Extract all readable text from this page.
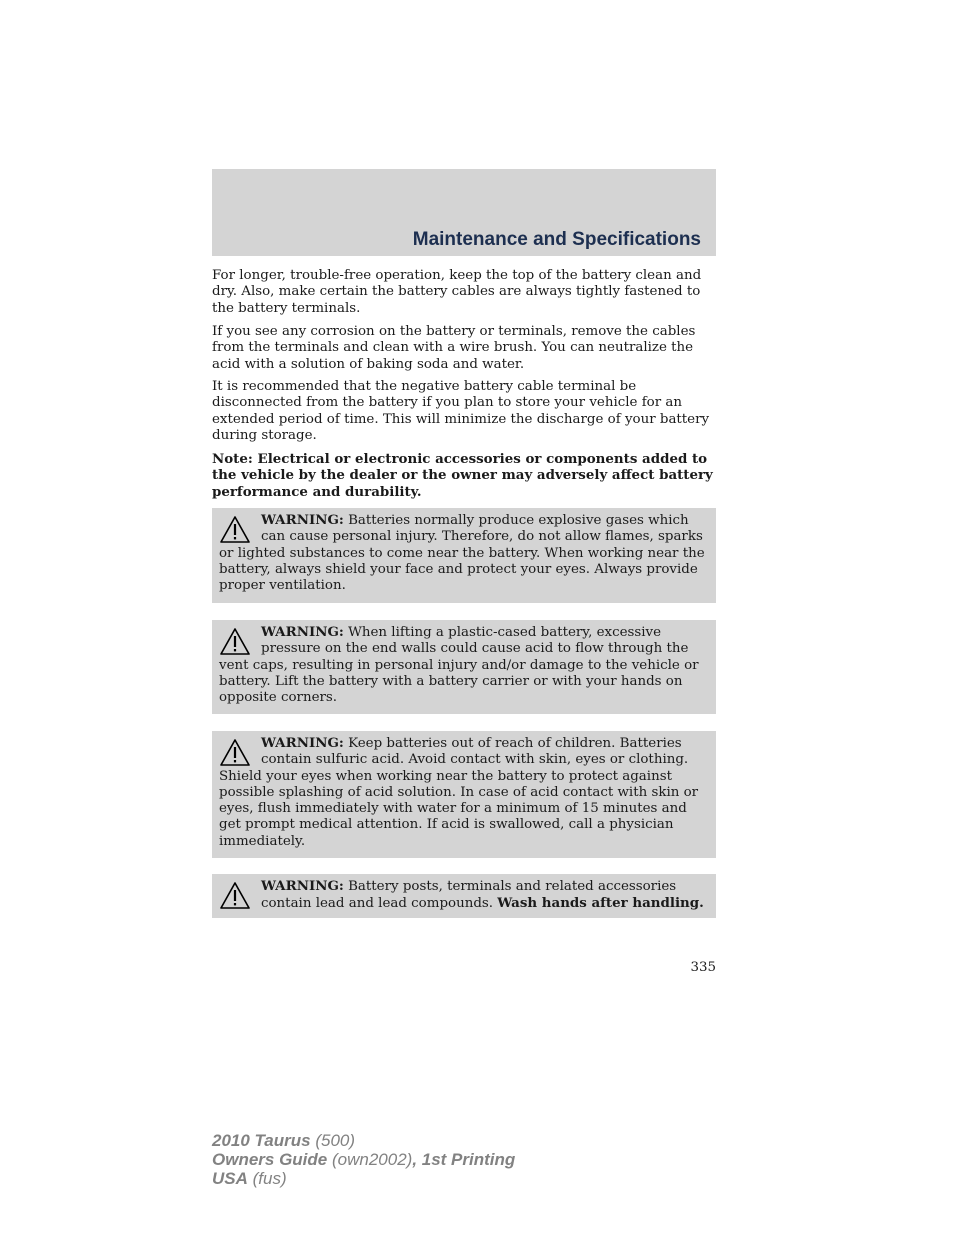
Maintenance and Specifications

For longer, trouble-free operation, keep the top of the battery clean and dry. Also, make certain the battery cables are always tightly fastened to the battery terminals.

If you see any corrosion on the battery or terminals, remove the cables from the terminals and clean with a wire brush. You can neutralize the acid with a solution of baking soda and water.

It is recommended that the negative battery cable terminal be disconnected from the battery if you plan to store your vehicle for an extended period of time. This will minimize the discharge of your battery during storage.

Note: Electrical or electronic accessories or components added to the vehicle by the dealer or the owner may adversely affect battery performance and durability.

WARNING: Batteries normally produce explosive gases which can cause personal injury. Therefore, do not allow flames, sparks or lighted substances to come near the battery. When working near the battery, always shield your face and protect your eyes. Always provide proper ventilation.

WARNING: When lifting a plastic-cased battery, excessive pressure on the end walls could cause acid to flow through the vent caps, resulting in personal injury and/or damage to the vehicle or battery. Lift the battery with a battery carrier or with your hands on opposite corners.

WARNING: Keep batteries out of reach of children. Batteries contain sulfuric acid. Avoid contact with skin, eyes or clothing. Shield your eyes when working near the battery to protect against possible splashing of acid solution. In case of acid contact with skin or eyes, flush immediately with water for a minimum of 15 minutes and get prompt medical attention. If acid is swallowed, call a physician immediately.

WARNING: Battery posts, terminals and related accessories contain lead and lead compounds. Wash hands after handling.

335
2010 Taurus (500)
Owners Guide (own2002), 1st Printing
USA (fus)
